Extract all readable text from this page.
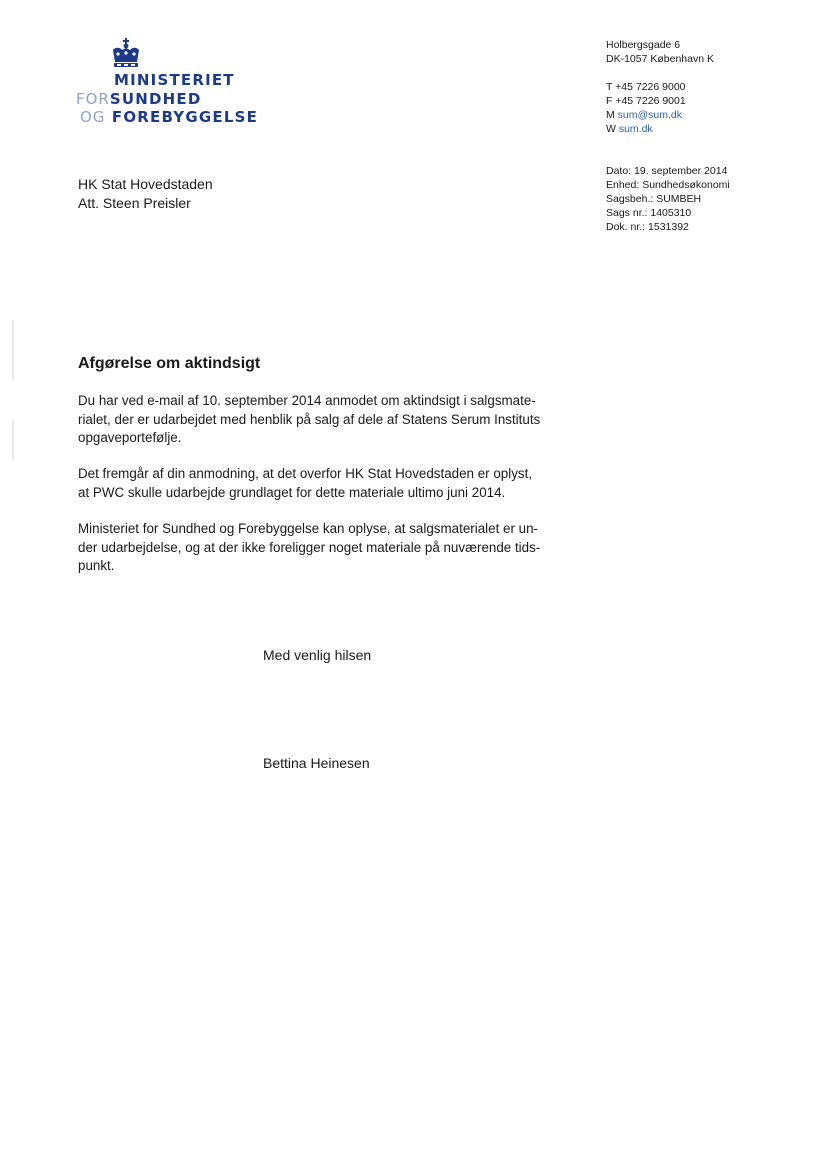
MINISTERIET
FORSUNDHED
OG FOREBYGGELSE
Holbergsgade 6
DK-1057 København K
T +45 7226 9000
F +45 7226 9001
M sum@sum.dk
W sum.dk
Dato: 19. september 2014
Enhed: Sundhedsøkonomi
Sagsbeh.: SUMBEH
Sags nr.: 1405310
Dok. nr.: 1531392
HK Stat Hovedstaden
Att. Steen Preisler
Afgørelse om aktindsigt
Du har ved e-mail af 10. september 2014 anmodet om aktindsigt i salgsmate-
rialet, der er udarbejdet med henblik på salg af dele af Statens Serum Instituts
opgaveportefølje.
Det fremgår af din anmodning, at det overfor HK Stat Hovedstaden er oplyst,
at PWC skulle udarbejde grundlaget for dette materiale ultimo juni 2014.
Ministeriet for Sundhed og Forebyggelse kan oplyse, at salgsmaterialet er un-
der udarbejdelse, og at der ikke foreligger noget materiale på nuværende tids-
punkt.
Med venlig hilsen
Bettina Heinesen
